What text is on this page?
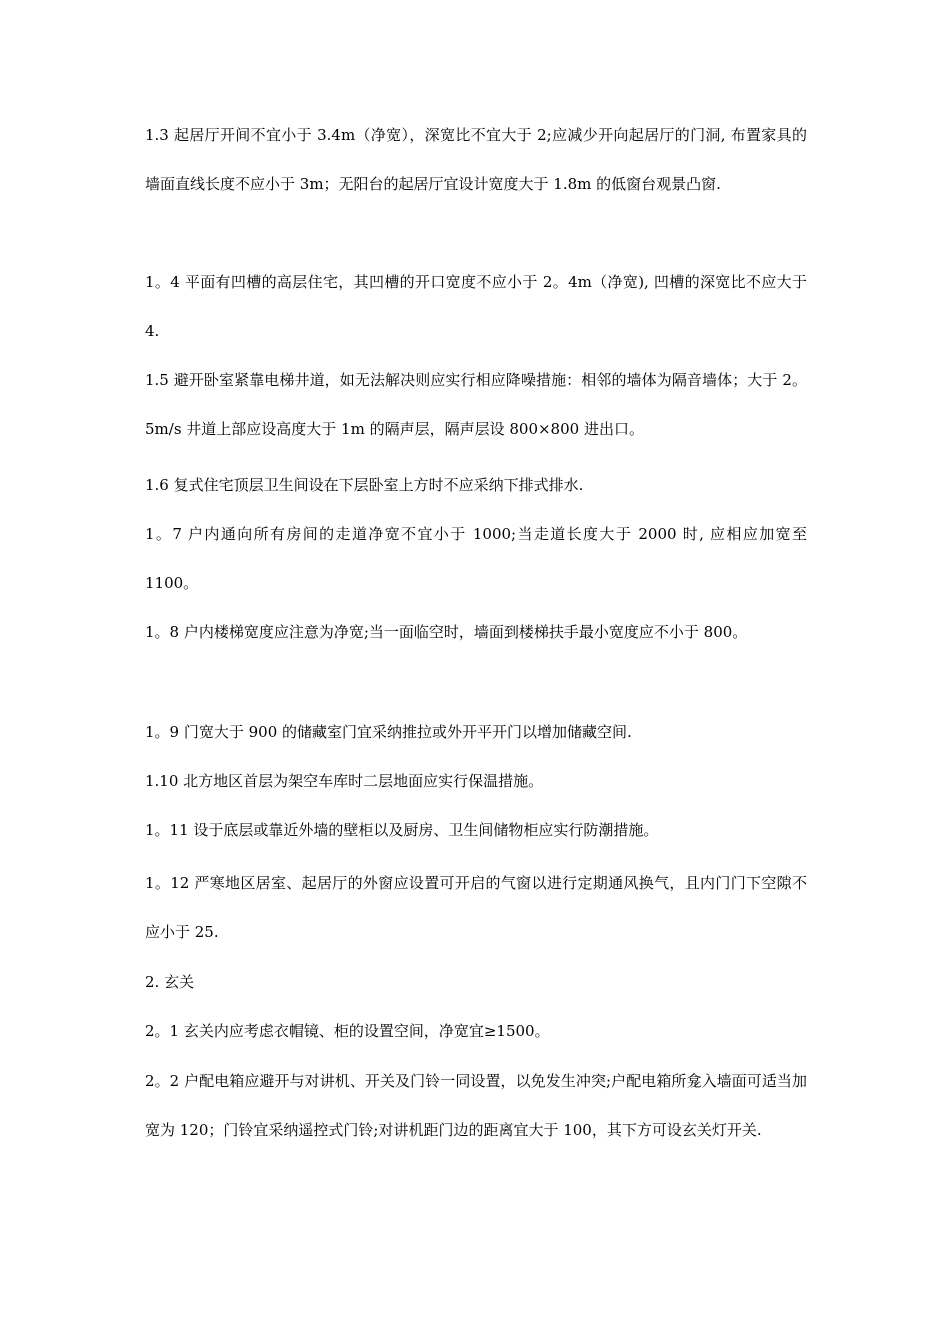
1.3 起居厅开间不宜小于 3.4m（净宽），深宽比不宜大于 2;应减少开向起居厅的门洞, 布置家具的墙面直线长度不应小于 3m；无阳台的起居厅宜设计宽度大于 1.8m 的低窗台观景凸窗.

1。4 平面有凹槽的高层住宅，其凹槽的开口宽度不应小于 2。4m（净宽), 凹槽的深宽比不应大于 4.

1.5 避开卧室紧靠电梯井道，如无法解决则应实行相应降噪措施：相邻的墙体为隔音墙体；大于 2。5m/s 井道上部应设高度大于 1m 的隔声层，隔声层设 800×800 进出口。

1.6 复式住宅顶层卫生间设在下层卧室上方时不应采纳下排式排水.

1。7 户内通向所有房间的走道净宽不宜小于 1000;当走道长度大于 2000 时, 应相应加宽至 1100。

1。8 户内楼梯宽度应注意为净宽;当一面临空时，墙面到楼梯扶手最小宽度应不小于 800。

1。9 门宽大于 900 的储藏室门宜采纳推拉或外开平开门以增加储藏空间.

1.10 北方地区首层为架空车库时二层地面应实行保温措施。

1。11 设于底层或靠近外墙的壁柜以及厨房、卫生间储物柜应实行防潮措施。

1。12 严寒地区居室、起居厅的外窗应设置可开启的气窗以进行定期通风换气，且内门门下空隙不应小于 25.

2. 玄关

2。1 玄关内应考虑衣帽镜、柜的设置空间，净宽宜≥1500。

2。2 户配电箱应避开与对讲机、开关及门铃一同设置，以免发生冲突;户配电箱所龛入墙面可适当加宽为 120；门铃宜采纳遥控式门铃;对讲机距门边的距离宜大于 100，其下方可设玄关灯开关.
